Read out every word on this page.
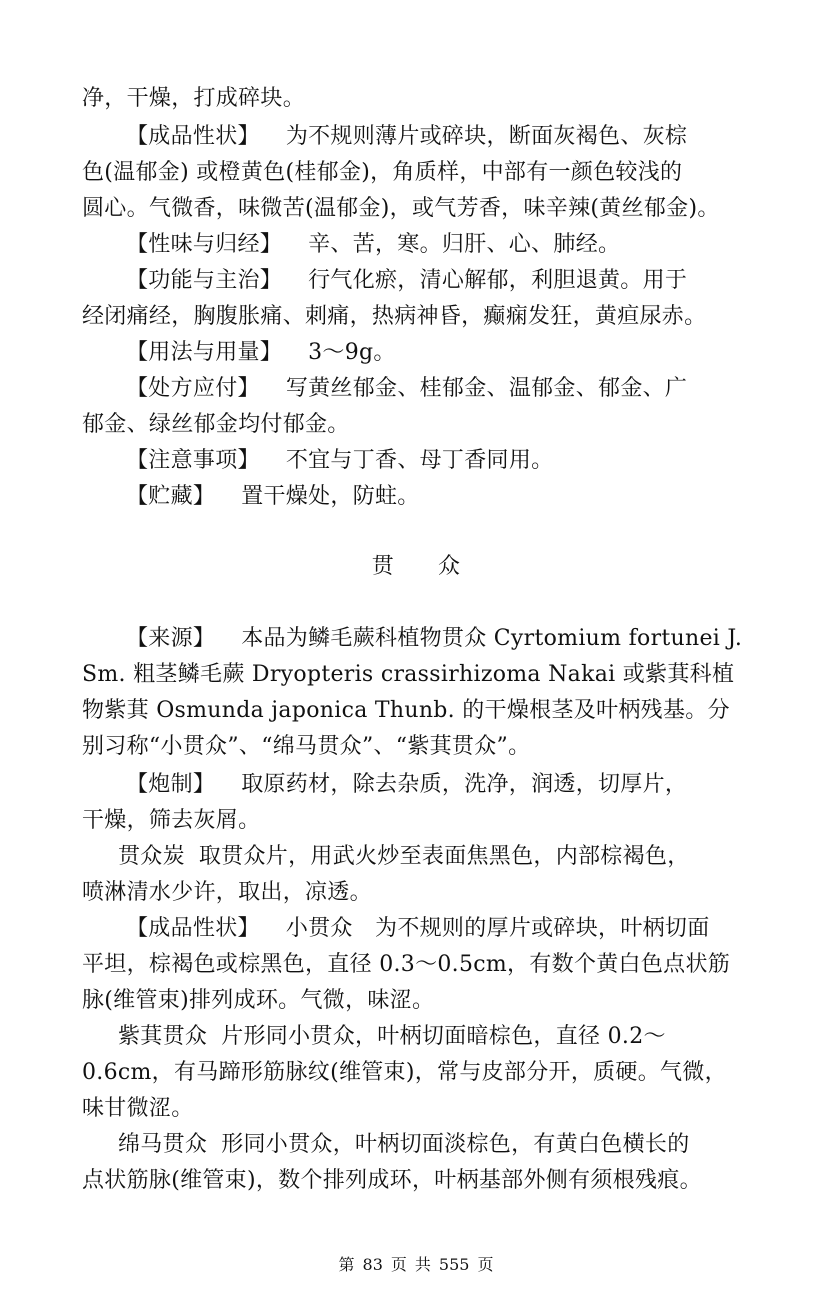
净，干燥，打成碎块。
【成品性状】 为不规则薄片或碎块，断面灰褐色、灰棕
色(温郁金) 或橙黄色(桂郁金)，角质样，中部有一颜色较浅的
圆心。气微香，味微苦(温郁金)，或气芳香，味辛辣(黄丝郁金)。
【性味与归经】 辛、苦，寒。归肝、心、肺经。
【功能与主治】 行气化瘀，清心解郁，利胆退黄。用于
经闭痛经，胸腹胀痛、刺痛，热病神昏，癫痫发狂，黄疸尿赤。
【用法与用量】 3～9g。
【处方应付】 写黄丝郁金、桂郁金、温郁金、郁金、广
郁金、绿丝郁金均付郁金。
【注意事项】 不宜与丁香、母丁香同用。
【贮藏】 置干燥处，防蛀。
贯 众
【来源】 本品为鳞毛蕨科植物贯众 Cyrtomium fortunei J.
Sm. 粗茎鳞毛蕨 Dryopteris crassirhizoma Nakai 或紫萁科植
物紫萁 Osmunda japonica Thunb. 的干燥根茎及叶柄残基。分
别习称“小贯众”、“绵马贯众”、“紫萁贯众”。
【炮制】 取原药材，除去杂质，洗净，润透，切厚片，
干燥，筛去灰屑。
贯众炭 取贯众片，用武火炒至表面焦黑色，内部棕褐色，
喷淋清水少许，取出，凉透。
【成品性状】 小贯众　为不规则的厚片或碎块，叶柄切面
平坦，棕褐色或棕黑色，直径 0.3～0.5cm，有数个黄白色点状筋
脉(维管束)排列成环。气微，味涩。
紫萁贯众 片形同小贯众，叶柄切面暗棕色，直径 0.2～
0.6cm，有马蹄形筋脉纹(维管束)，常与皮部分开，质硬。气微，
味甘微涩。
绵马贯众 形同小贯众，叶柄切面淡棕色，有黄白色横长的
点状筋脉(维管束)，数个排列成环，叶柄基部外侧有须根残痕。
第 83 页 共 555 页
